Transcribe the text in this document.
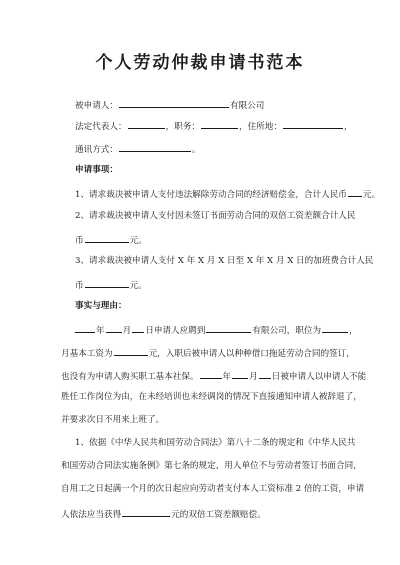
个人劳动仲裁申请书范本
被申请人：	有限公司
法定代表人：	，职务：	，住所地：	，
通讯方式：	。
申请事项：
1、请求裁决被申请人支付违法解除劳动合同的经济赔偿金，合计人民币 元。
2、请求裁决被申请人支付因未签订书面劳动合同的双倍工资差额合计人民
币	元。
3、请求裁决被申请人支付 X 年 X 月 X 日至 X 年 X 月 X 日的加班费合计人民
币	元。
事实与理由：
年 月 日申请人应聘到	有限公司，职位为	，
月基本工资为	元，入职后被申请人以种种借口拖延劳动合同的签订，
也没有为申请人购买职工基本社保。	年 月 日被申请人以申请人不能
胜任工作岗位为由，在未经培训也未经调岗的情况下直接通知申请人被辞退了，
并要求次日不用来上班了。
1、依据《中华人民共和国劳动合同法》第八十二条的规定和《中华人民共
和国劳动合同法实施条例》第七条的规定，用人单位不与劳动者签订书面合同，
自用工之日起满一个月的次日起应向劳动者支付本人工资标准 2 倍的工资，申请
人依法应当获得	元的双倍工资差额赔偿。
